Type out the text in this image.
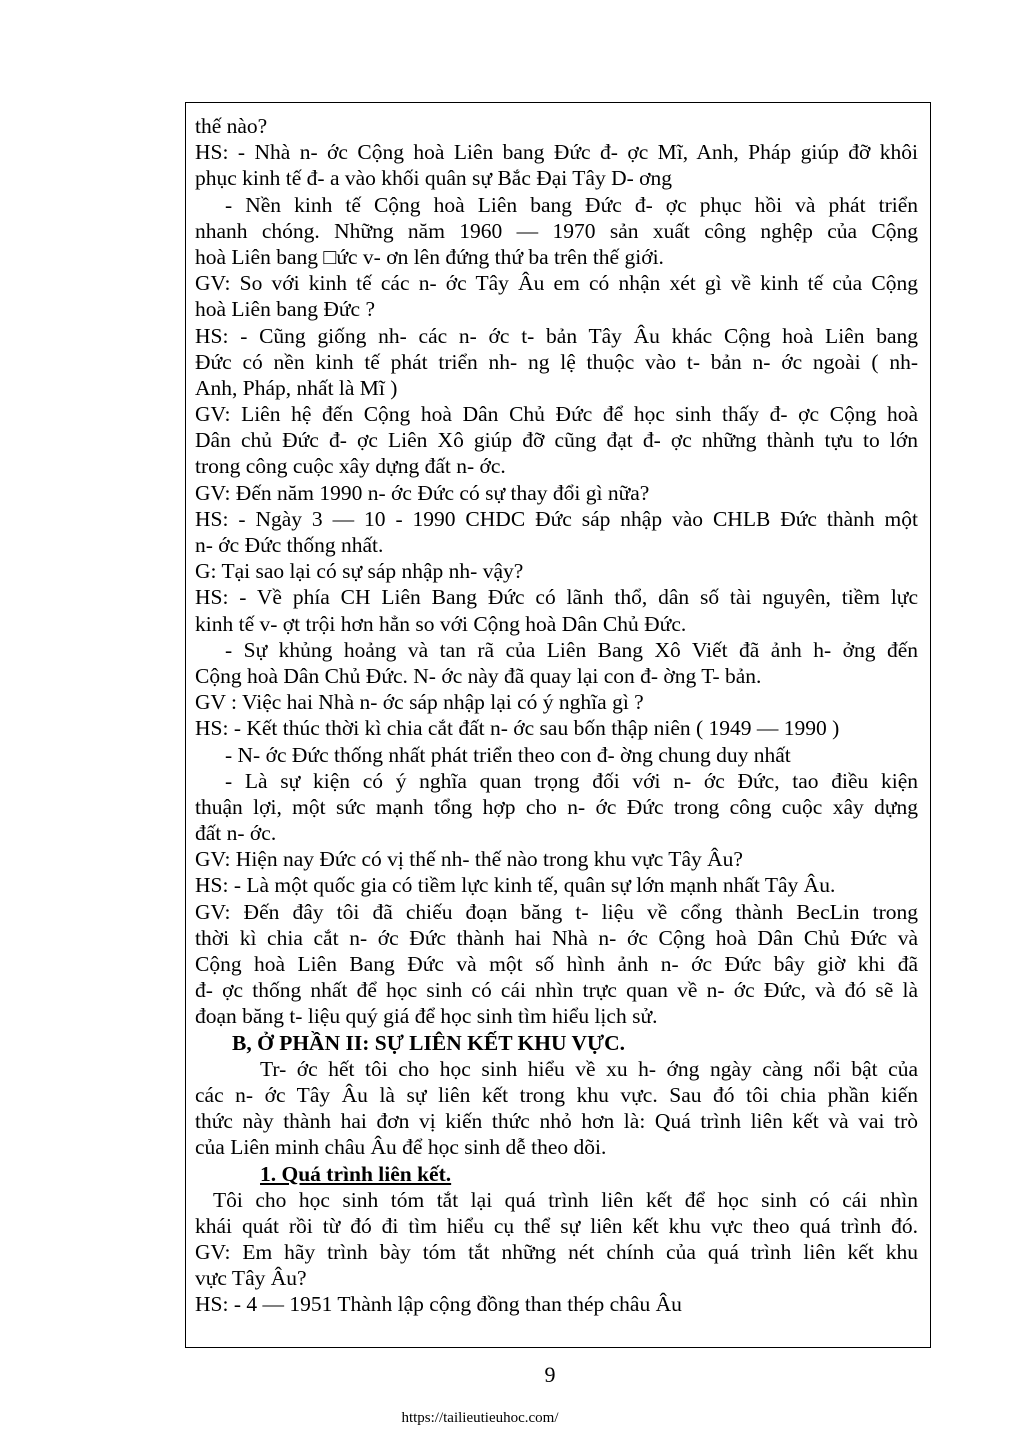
thế nào?
HS: - Nhà n- ớc Cộng hoà Liên bang Đức đ- ợc Mĩ, Anh, Pháp giúp đỡ khôi
phục kinh tế đ- a vào khối quân sự Bắc Đại Tây D- ơng
- Nền kinh tế Cộng hoà Liên bang Đức đ- ợc phục hồi và phát triển
nhanh chóng. Những năm 1960 — 1970 sản xuất công nghệp của Cộng
hoà Liên bang □ức v- ơn lên đứng thứ ba trên thế giới.
GV: So với kinh tế các n- ớc Tây Âu em có nhận xét gì về kinh tế của Cộng
hoà Liên bang Đức ?
HS: - Cũng giống nh- các n- ớc t- bản Tây Âu khác Cộng hoà Liên bang
Đức có nền kinh tế phát triển nh- ng lệ thuộc vào t- bản n- ớc ngoài ( nh-
Anh, Pháp, nhất là Mĩ )
GV: Liên hệ đến Cộng hoà Dân Chủ Đức để học sinh thấy đ- ợc Cộng hoà
Dân chủ Đức đ- ợc Liên Xô giúp đỡ cũng đạt đ- ợc những thành tựu to lớn
trong công cuộc xây dựng đất n- ớc.
GV: Đến năm 1990 n- ớc Đức có sự thay đổi gì nữa?
HS: - Ngày 3 — 10 - 1990 CHDC Đức sáp nhập vào CHLB Đức thành một
n- ớc Đức thống nhất.
G: Tại sao lại có sự sáp nhập nh- vậy?
HS: - Về phía CH Liên Bang Đức có lãnh thổ, dân số tài nguyên, tiềm lực
kinh tế v- ợt trội hơn hẳn so với Cộng hoà Dân Chủ Đức.
- Sự khủng hoảng và tan rã của Liên Bang Xô Viết đã ảnh h- ởng đến
Cộng hoà Dân Chủ Đức. N- ớc này đã quay lại con đ- ờng T- bản.
GV : Việc hai Nhà n- ớc sáp nhập lại có ý nghĩa gì ?
HS: - Kết thúc thời kì chia cắt đất n- ớc sau bốn thập niên ( 1949 — 1990 )
- N- ớc Đức thống nhất phát triển theo con đ- ờng chung duy nhất
- Là sự kiện có ý nghĩa quan trọng đối với n- ớc Đức, tao điều kiện
thuận lợi, một sức mạnh tổng hợp cho n- ớc Đức trong công cuộc xây dựng
đất n- ớc.
GV: Hiện nay Đức có vị thế nh- thế nào trong khu vực Tây Âu?
HS: - Là một quốc gia có tiềm lực kinh tế, quân sự lớn mạnh nhất Tây Âu.
GV: Đến đây tôi đã chiếu đoạn băng t- liệu về cổng thành BecLin trong
thời kì chia cắt n- ớc Đức thành hai Nhà n- ớc Cộng hoà Dân Chủ Đức và
Cộng hoà Liên Bang Đức và một số hình ảnh n- ớc Đức bây giờ khi đã
đ- ợc thống nhất để học sinh có cái nhìn trực quan về n- ớc Đức, và đó sẽ là
đoạn băng t- liệu quý giá để học sinh tìm hiểu lịch sử.
B, Ở PHẦN II: SỰ LIÊN KẾT KHU VỰC.
Tr- ớc hết tôi cho học sinh hiểu về xu h- ớng ngày càng nổi bật của
các n- ớc Tây Âu là sự liên kết trong khu vực. Sau đó tôi chia phần kiến
thức này thành hai đơn vị kiến thức nhỏ hơn là: Quá trình liên kết và vai trò
của Liên minh châu Âu để học sinh dễ theo dõi.
1. Quá trình liên kết.
Tôi cho học sinh tóm tắt lại quá trình liên kết để học sinh có cái nhìn
khái quát rồi từ đó đi tìm hiểu cụ thể sự liên kết khu vực theo quá trình đó.
GV: Em hãy trình bày tóm tắt những nét chính của quá trình liên kết khu
vực Tây Âu?
HS: - 4 — 1951 Thành lập cộng đồng than thép châu Âu
9
https://tailieutieuhoc.com/
